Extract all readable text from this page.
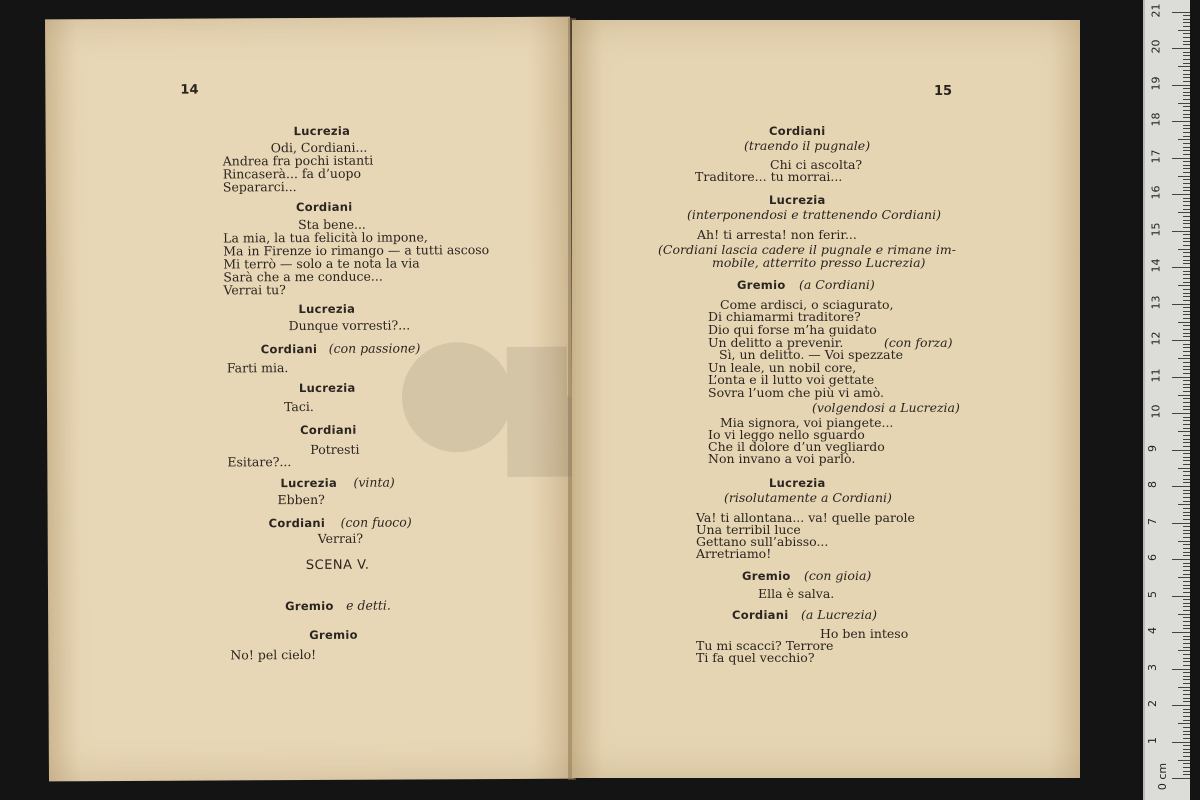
14
Lucrezia
Odi, Cordiani...
Andrea fra pochi istanti
Rincaserà... fa d’uopo
Separarci...
Cordiani
Sta bene...
La mia, la tua felicità lo impone,
Ma in Firenze io rimango — a tutti ascoso
Mi terrò — solo a te nota la via
Sarà che a me conduce...
Verrai tu?
Lucrezia
Dunque vorresti?...
Cordiani (con passione)
Farti mia.
Lucrezia
Taci.
Cordiani
Potresti
Esitare?...
Lucrezia (vinta)
Ebben?
Cordiani (con fuoco)
Verrai?
Gremio e detti.
Gremio
No! pel cielo!
SCENA V.
15
Cordiani
(traendo il pugnale)
Chi ci ascolta?
Traditore... tu morrai...
Lucrezia
(interponendosi e trattenendo Cordiani)
Ah! ti arresta! non ferir...
(Cordiani lascia cadere il pugnale e rimane im-
mobile, atterrito presso Lucrezia)
Gremio (a Cordiani)
Come ardisci, o sciagurato,
Di chiamarmi traditore?
Dio qui forse m’ha guidato
Un delitto a prevenir.	(con forza)
Sì, un delitto. — Voi spezzate
Un leale, un nobil core,
L’onta e il lutto voi gettate
Sovra l’uom che più vi amò.
(volgendosi a Lucrezia)
Mia signora, voi piangete...
Io vi leggo nello sguardo
Che il dolore d’un vegliardo
Non invano a voi parlò.
Lucrezia
(risolutamente a Cordiani)
Va! ti allontana... va! quelle parole
Una terribil luce
Gettano sull’abisso...
Arretriamo!
Gremio (con gioia)
Ella è salva.
Cordiani (a Lucrezia)
Ho ben inteso
Tu mi scacci? Terrore
Ti fa quel vecchio?
0 cm
1
2
3
4
5
6
7
8
9
10
11
12
13
14
15
16
17
18
19
20
21
